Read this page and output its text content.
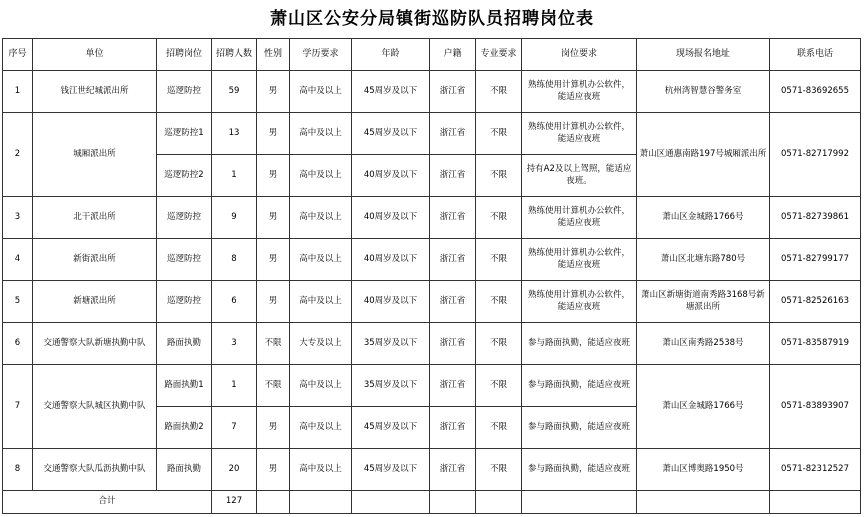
萧山区公安分局镇街巡防队员招聘岗位表
序号	单位	招聘岗位	招聘人数	性别	学历要求	年龄	户籍	专业要求	岗位要求	现场报名地址	联系电话
1	钱江世纪城派出所	巡逻防控	59	男	高中及以上	45周岁及以下	浙江省	不限	熟练使用计算机办公软件，能适应夜班	杭州湾智慧谷警务室	0571-83692655
2	城厢派出所	巡逻防控1	13	男	高中及以上	45周岁及以下	浙江省	不限	熟练使用计算机办公软件，能适应夜班	萧山区通惠南路197号城厢派出所	0571-82717992
		巡逻防控2	1	男	高中及以上	40周岁及以下	浙江省	不限	持有A2及以上驾照，能适应夜班。		
3	北干派出所	巡逻防控	9	男	高中及以上	40周岁及以下	浙江省	不限	熟练使用计算机办公软件，能适应夜班	萧山区金城路1766号	0571-82739861
4	新街派出所	巡逻防控	8	男	高中及以上	40周岁及以下	浙江省	不限	熟练使用计算机办公软件，能适应夜班	萧山区北塘东路780号	0571-82799177
5	新塘派出所	巡逻防控	6	男	高中及以上	40周岁及以下	浙江省	不限	熟练使用计算机办公软件，能适应夜班	萧山区新塘街道南秀路3168号新塘派出所	0571-82526163
6	交通警察大队新塘执勤中队	路面执勤	3	不限	大专及以上	35周岁及以下	浙江省	不限	参与路面执勤，能适应夜班	萧山区南秀路2538号	0571-83587919
7	交通警察大队城区执勤中队	路面执勤1	1	不限	高中及以上	35周岁及以下	浙江省	不限	参与路面执勤，能适应夜班	萧山区金城路1766号	0571-83893907
		路面执勤2	7	男	高中及以上	45周岁及以下	浙江省	不限	参与路面执勤，能适应夜班		
8	交通警察大队瓜沥执勤中队	路面执勤	20	男	高中及以上	45周岁及以下	浙江省	不限	参与路面执勤，能适应夜班	萧山区博奥路1950号	0571-82312527
合计			127								
